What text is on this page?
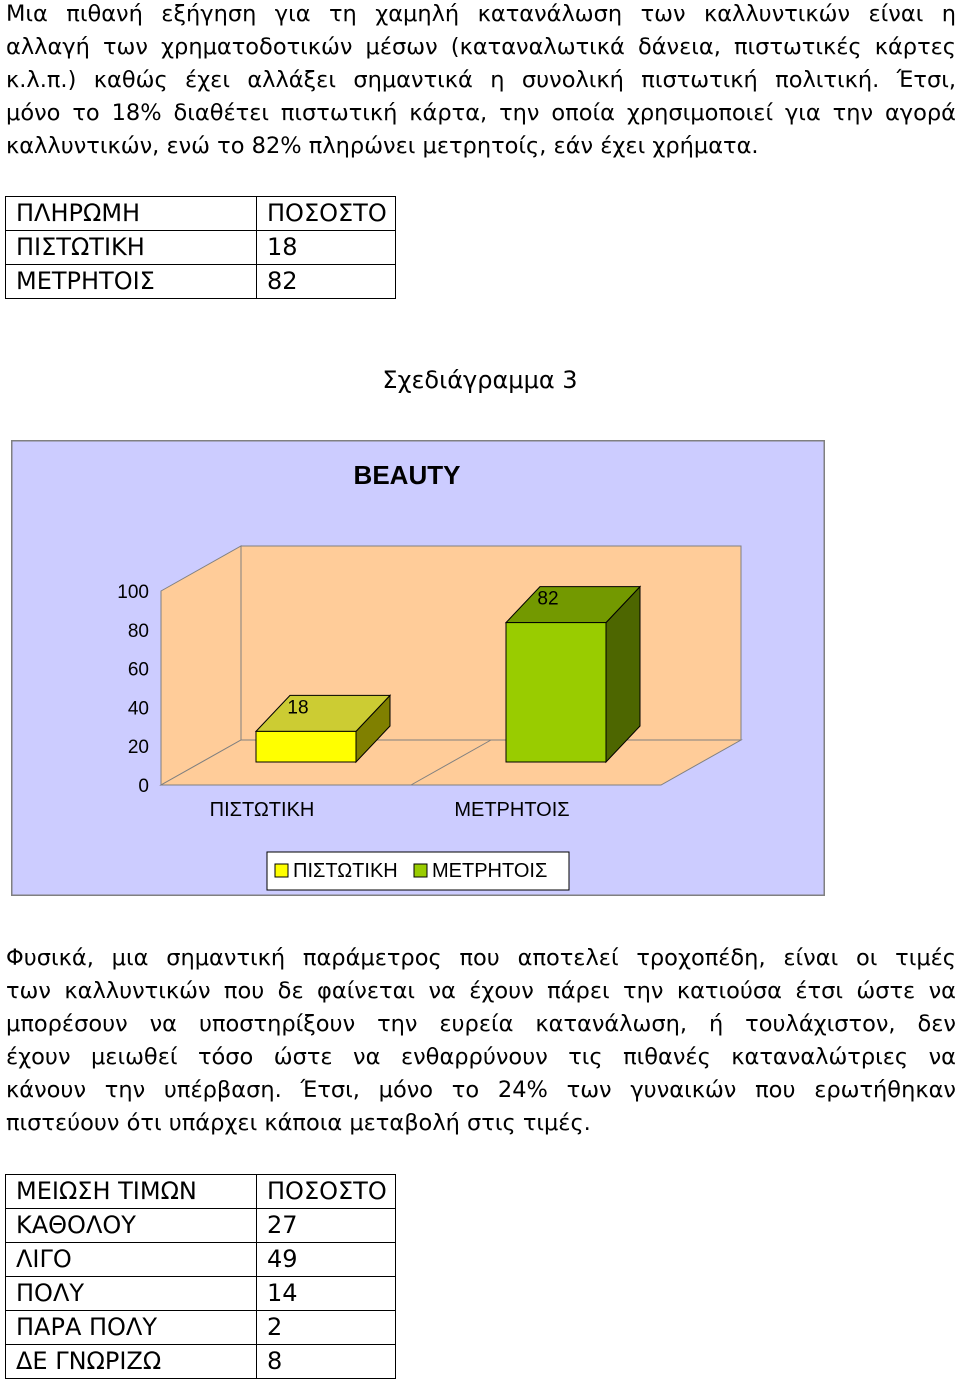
Μια πιθανή εξήγηση για τη χαμηλή κατανάλωση των καλλυντικών είναι η
αλλαγή των χρηματοδοτικών μέσων (καταναλωτικά δάνεια, πιστωτικές κάρτες
κ.λ.π.) καθώς έχει αλλάξει σημαντικά η συνολική πιστωτική πολιτική. Έτσι,
μόνο το 18% διαθέτει πιστωτική κάρτα, την οποία χρησιμοποιεί για την αγορά
καλλυντικών, ενώ το 82% πληρώνει μετρητοίς, εάν έχει χρήματα.
ΠΛΗΡΩΜΗ	ΠΟΣΟΣΤΟ
ΠΙΣΤΩΤΙΚΗ	18
ΜΕΤΡΗΤΟΙΣ	82
Σχεδιάγραμμα 3
BEAUTY
0
20
40
60
80
100
18
82
ΠΙΣΤΩΤΙΚΗ	ΜΕΤΡΗΤΟΙΣ
ΠΙΣΤΩΤΙΚΗ ΜΕΤΡΗΤΟΙΣ
Φυσικά, μια σημαντική παράμετρος που αποτελεί τροχοπέδη, είναι οι τιμές
των καλλυντικών που δε φαίνεται να έχουν πάρει την κατιούσα έτσι ώστε να
μπορέσουν να υποστηρίξουν την ευρεία κατανάλωση, ή τουλάχιστον, δεν
έχουν μειωθεί τόσο ώστε να ενθαρρύνουν τις πιθανές καταναλώτριες να
κάνουν την υπέρβαση. Έτσι, μόνο το 24% των γυναικών που ερωτήθηκαν
πιστεύουν ότι υπάρχει κάποια μεταβολή στις τιμές.
ΜΕΙΩΣΗ ΤΙΜΩΝ	ΠΟΣΟΣΤΟ
ΚΑΘΟΛΟΥ	27
ΛΙΓΟ	49
ΠΟΛΥ	14
ΠΑΡΑ ΠΟΛΥ	2
ΔΕ ΓΝΩΡΙΖΩ	8
